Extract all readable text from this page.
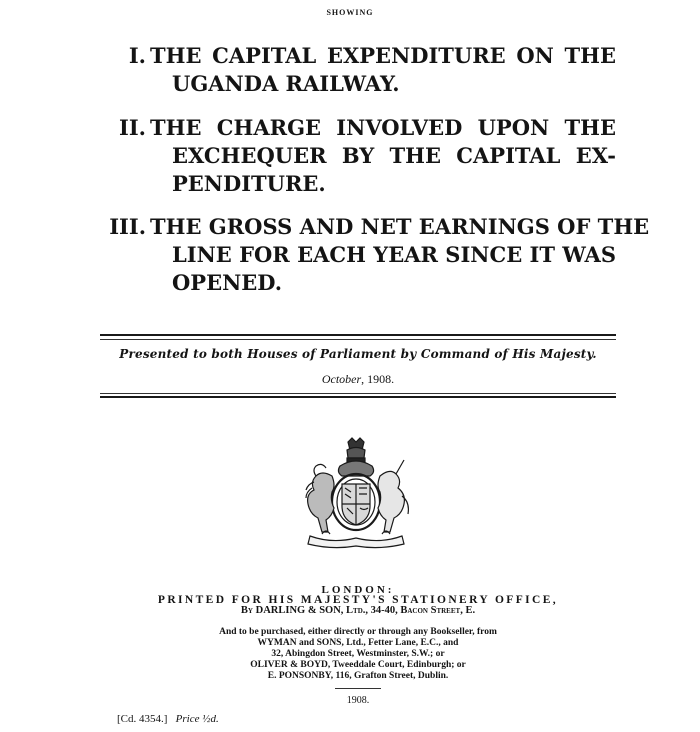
SHOWING
I. THE CAPITAL EXPENDITURE ON THE
UGANDA RAILWAY.
II. THE CHARGE INVOLVED UPON THE
EXCHEQUER BY THE CAPITAL EX-
PENDITURE.
III. THE GROSS AND NET EARNINGS OF THE
LINE FOR EACH YEAR SINCE IT WAS
OPENED.
Presented to both Houses of Parliament by Command of His Majesty.
October, 1908.
LONDON:
PRINTED FOR HIS MAJESTY'S STATIONERY OFFICE,
By DARLING & SON, Ltd., 34-40, Bacon Street, E.
And to be purchased, either directly or through any Bookseller, from
WYMAN and SONS, Ltd., Fetter Lane, E.C., and
32, Abingdon Street, Westminster, S.W.; or
OLIVER & BOYD, Tweeddale Court, Edinburgh; or
E. PONSONBY, 116, Grafton Street, Dublin.
1908.
[Cd. 4354.] Price ½d.
